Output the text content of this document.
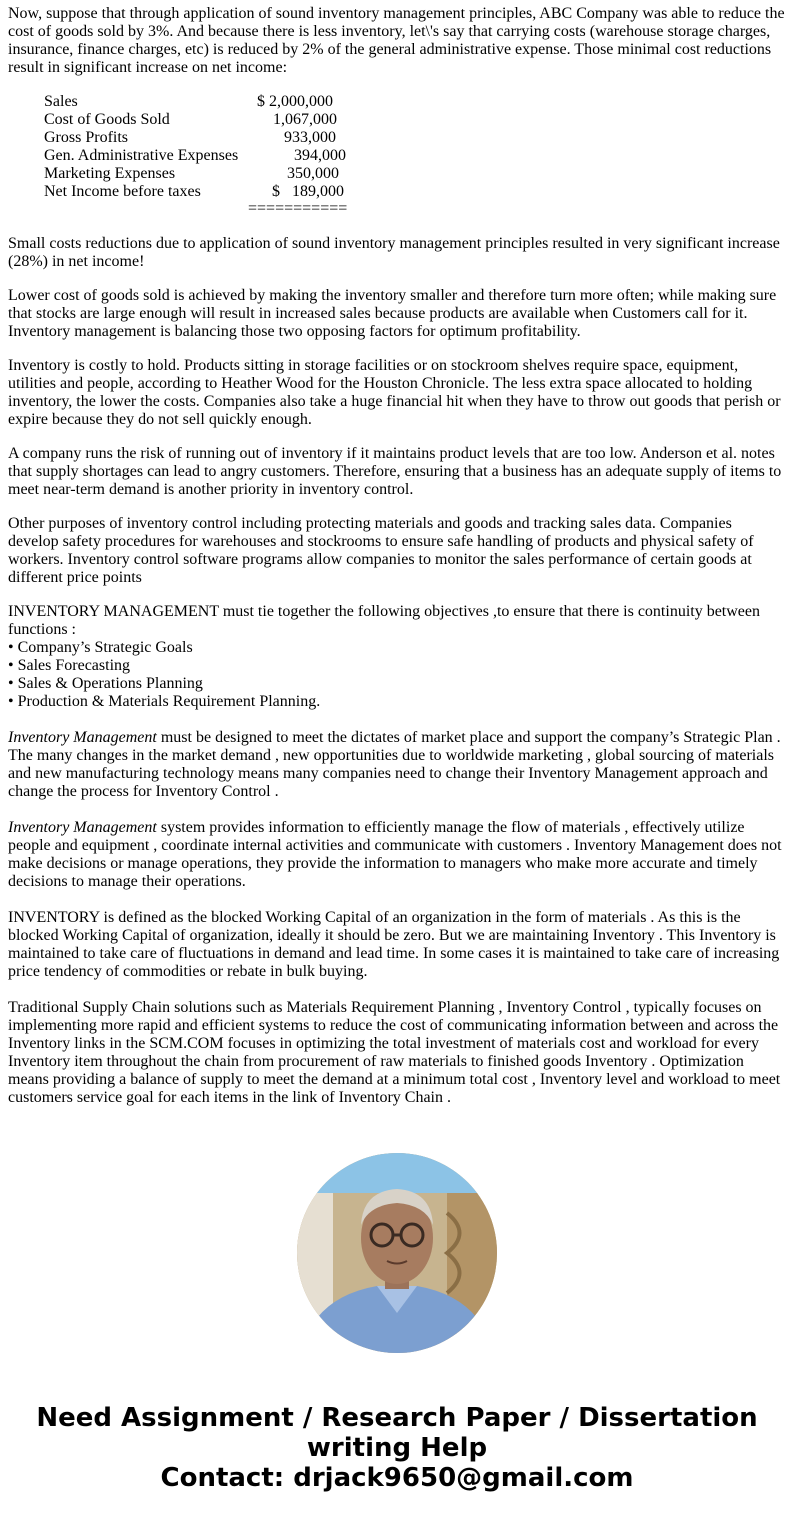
Now, suppose that through application of sound inventory management principles, ABC Company was able to reduce the cost of goods sold by 3%. And because there is less inventory, let\'s say that carrying costs (warehouse storage charges, insurance, finance charges, etc) is reduced by 2% of the general administrative expense. Those minimal cost reductions result in significant increase on net income:

Sales	$ 2,000,000
Cost of Goods Sold	1,067,000
Gross Profits	933,000
Gen. Administrative Expenses	394,000
Marketing Expenses	350,000
Net Income before taxes	$   189,000
===========

Small costs reductions due to application of sound inventory management principles resulted in very significant increase (28%) in net income!

Lower cost of goods sold is achieved by making the inventory smaller and therefore turn more often; while making sure that stocks are large enough will result in increased sales because products are available when Customers call for it. Inventory management is balancing those two opposing factors for optimum profitability.

Inventory is costly to hold. Products sitting in storage facilities or on stockroom shelves require space, equipment, utilities and people, according to Heather Wood for the Houston Chronicle. The less extra space allocated to holding inventory, the lower the costs. Companies also take a huge financial hit when they have to throw out goods that perish or expire because they do not sell quickly enough.

A company runs the risk of running out of inventory if it maintains product levels that are too low. Anderson et al. notes that supply shortages can lead to angry customers. Therefore, ensuring that a business has an adequate supply of items to meet near-term demand is another priority in inventory control.

Other purposes of inventory control including protecting materials and goods and tracking sales data. Companies develop safety procedures for warehouses and stockrooms to ensure safe handling of products and physical safety of workers. Inventory control software programs allow companies to monitor the sales performance of certain goods at different price points

INVENTORY MANAGEMENT must tie together the following objectives ,to ensure that there is continuity between functions :
• Company’s Strategic Goals
• Sales Forecasting
• Sales & Operations Planning
• Production & Materials Requirement Planning.

Inventory Management must be designed to meet the dictates of market place and support the company’s Strategic Plan . The many changes in the market demand , new opportunities due to worldwide marketing , global sourcing of materials and new manufacturing technology means many companies need to change their Inventory Management approach and change the process for Inventory Control .

Inventory Management system provides information to efficiently manage the flow of materials , effectively utilize people and equipment , coordinate internal activities and communicate with customers . Inventory Management does not make decisions or manage operations, they provide the information to managers who make more accurate and timely decisions to manage their operations.

INVENTORY is defined as the blocked Working Capital of an organization in the form of materials . As this is the blocked Working Capital of organization, ideally it should be zero. But we are maintaining Inventory . This Inventory is maintained to take care of fluctuations in demand and lead time. In some cases it is maintained to take care of increasing price tendency of commodities or rebate in bulk buying.

Traditional Supply Chain solutions such as Materials Requirement Planning , Inventory Control , typically focuses on implementing more rapid and efficient systems to reduce the cost of communicating information between and across the Inventory links in the SCM.COM focuses in optimizing the total investment of materials cost and workload for every Inventory item throughout the chain from procurement of raw materials to finished goods Inventory . Optimization means providing a balance of supply to meet the demand at a minimum total cost , Inventory level and workload to meet customers service goal for each items in the link of Inventory Chain .

Need Assignment / Research Paper / Dissertation
writing Help
Contact: drjack9650@gmail.com
